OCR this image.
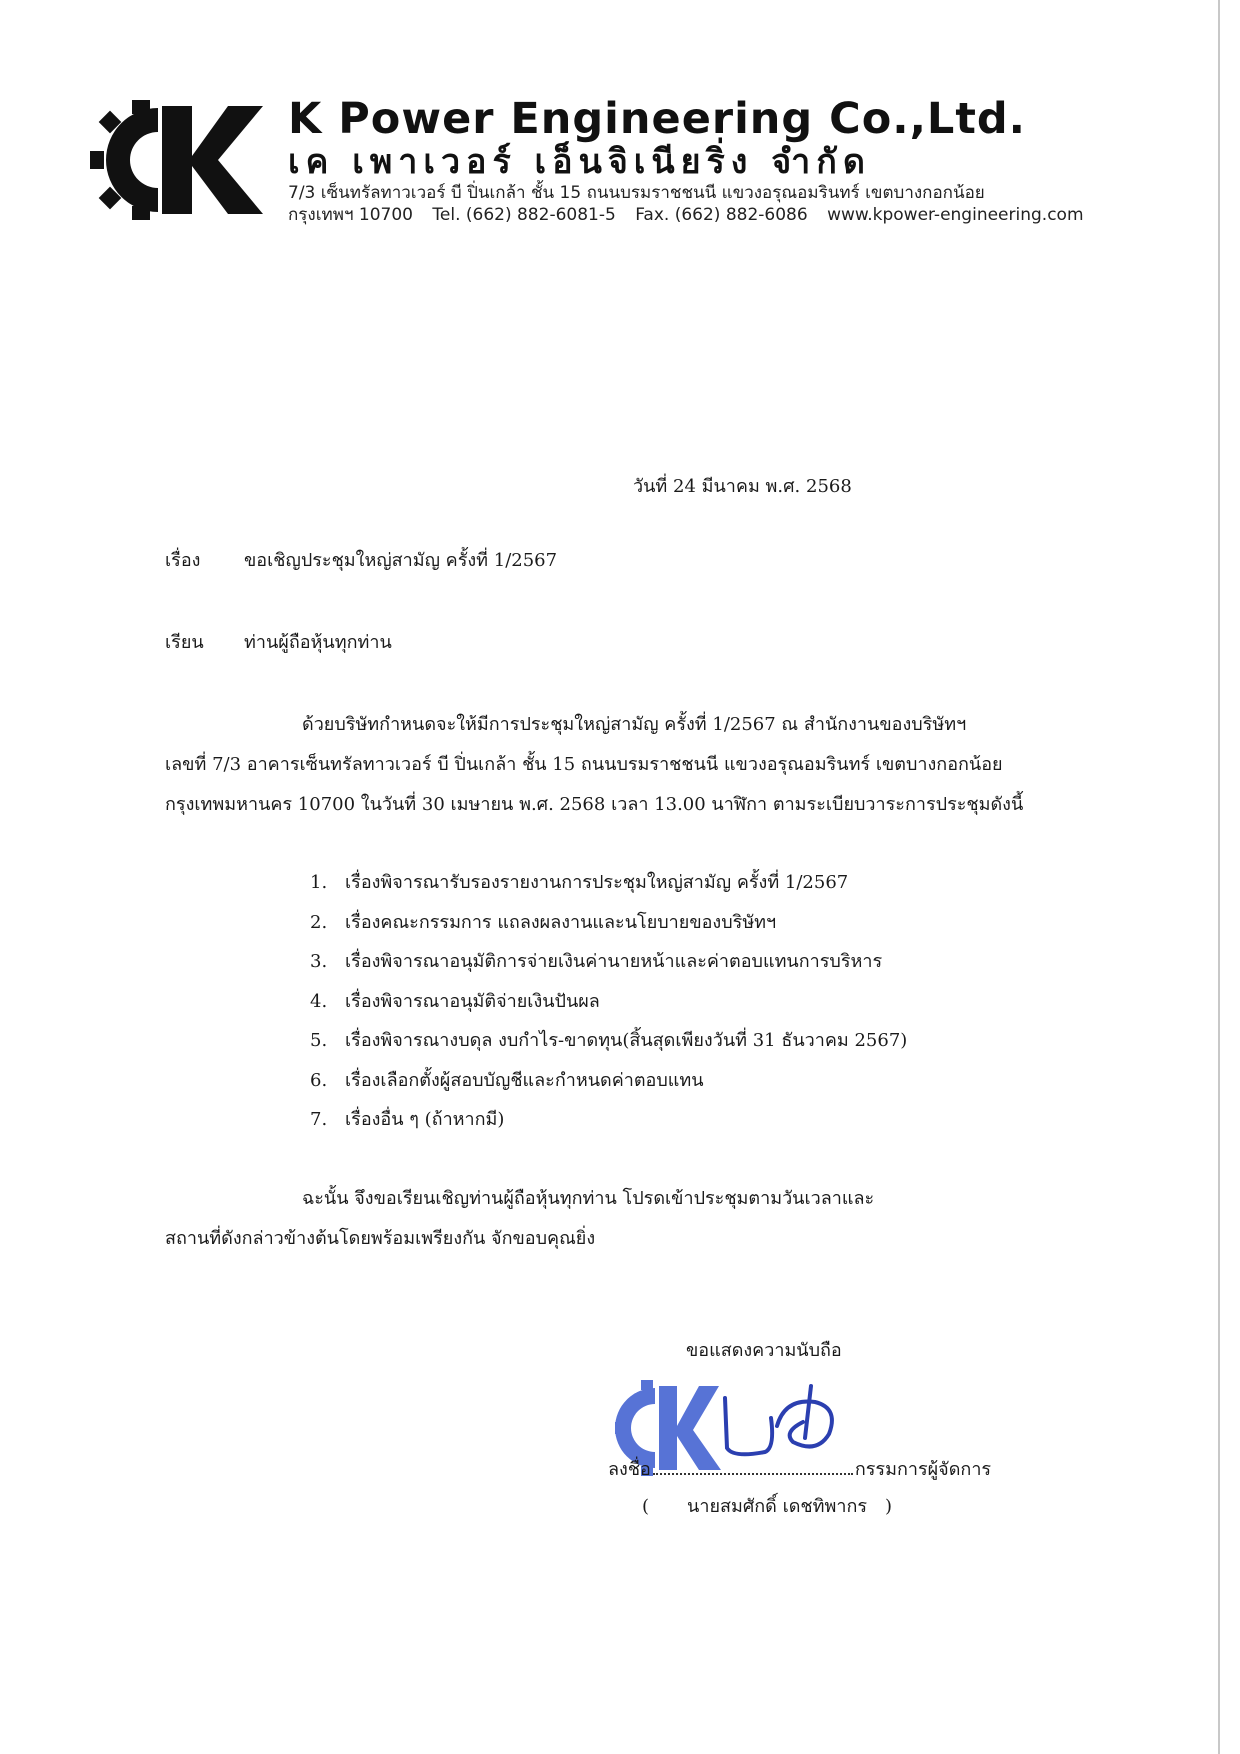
K Power Engineering Co.,Ltd.
เค เพาเวอร์ เอ็นจิเนียริ่ง จำกัด
7/3 เซ็นทรัลทาวเวอร์ บี ปิ่นเกล้า ชั้น 15 ถนนบรมราชชนนี แขวงอรุณอมรินทร์ เขตบางกอกน้อย
กรุงเทพฯ 10700 Tel. (662) 882-6081-5 Fax. (662) 882-6086 www.kpower-engineering.com
วันที่ 24 มีนาคม พ.ศ. 2568
เรื่อง ขอเชิญประชุมใหญ่สามัญ ครั้งที่ 1/2567
เรียน ท่านผู้ถือหุ้นทุกท่าน
ด้วยบริษัทกำหนดจะให้มีการประชุมใหญ่สามัญ ครั้งที่ 1/2567 ณ สำนักงานของบริษัทฯ
เลขที่ 7/3 อาคารเซ็นทรัลทาวเวอร์ บี ปิ่นเกล้า ชั้น 15 ถนนบรมราชชนนี แขวงอรุณอมรินทร์ เขตบางกอกน้อย
กรุงเทพมหานคร 10700 ในวันที่ 30 เมษายน พ.ศ. 2568 เวลา 13.00 นาฬิกา ตามระเบียบวาระการประชุมดังนี้
1. เรื่องพิจารณารับรองรายงานการประชุมใหญ่สามัญ ครั้งที่ 1/2567
2. เรื่องคณะกรรมการ แถลงผลงานและนโยบายของบริษัทฯ
3. เรื่องพิจารณาอนุมัติการจ่ายเงินค่านายหน้าและค่าตอบแทนการบริหาร
4. เรื่องพิจารณาอนุมัติจ่ายเงินปันผล
5. เรื่องพิจารณางบดุล งบกำไร-ขาดทุน(สิ้นสุดเพียงวันที่ 31 ธันวาคม 2567)
6. เรื่องเลือกตั้งผู้สอบบัญชีและกำหนดค่าตอบแทน
7. เรื่องอื่น ๆ (ถ้าหากมี)
ฉะนั้น จึงขอเรียนเชิญท่านผู้ถือหุ้นทุกท่าน โปรดเข้าประชุมตามวันเวลาและ
สถานที่ดังกล่าวข้างต้นโดยพร้อมเพรียงกัน จักขอบคุณยิ่ง
ขอแสดงความนับถือ
ลงชื่อ	กรรมการผู้จัดการ
( นายสมศักดิ์ เดชทิพากร )
